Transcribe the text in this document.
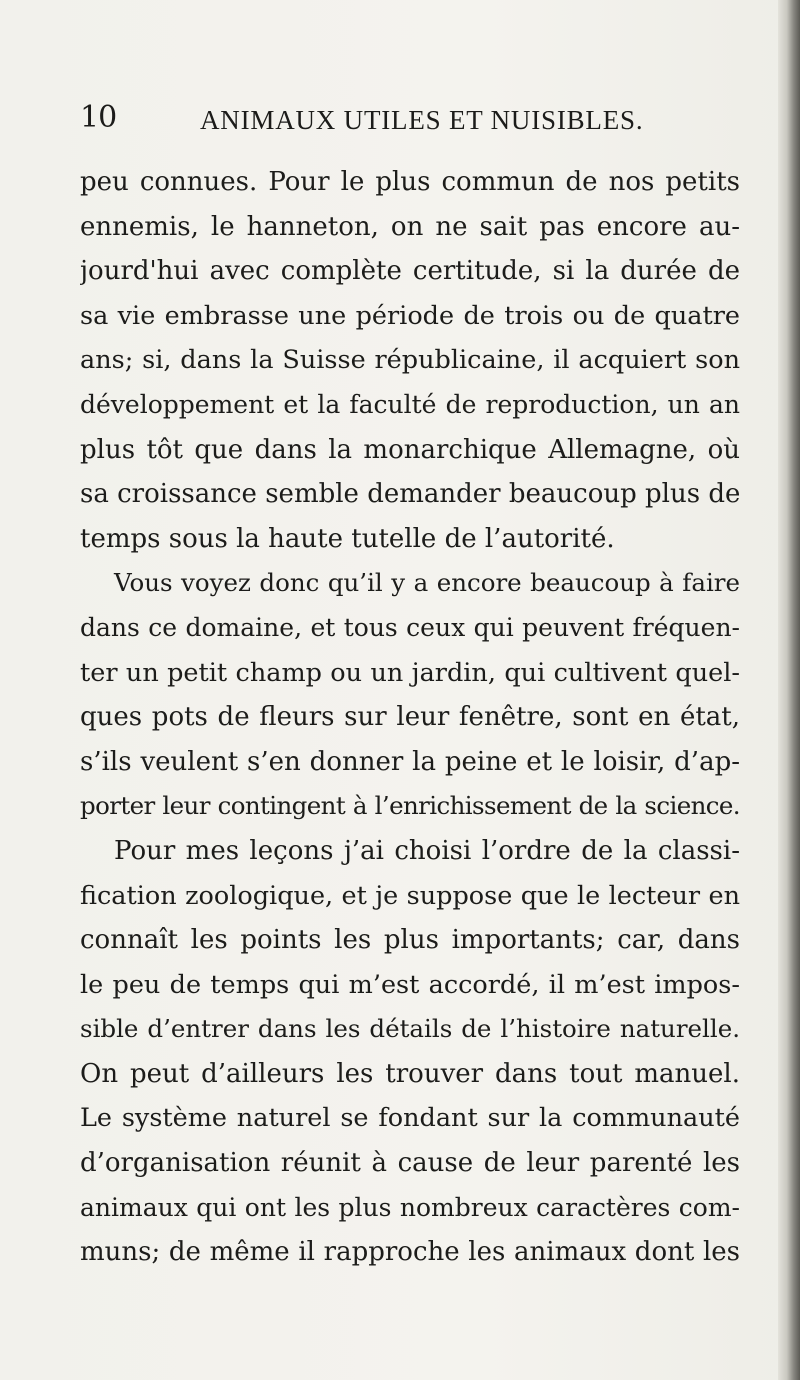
10	ANIMAUX UTILES ET NUISIBLES.
peu connues. Pour le plus commun de nos petits
ennemis, le hanneton, on ne sait pas encore au-
jourd'hui avec complète certitude, si la durée de
sa vie embrasse une période de trois ou de quatre
ans; si, dans la Suisse républicaine, il acquiert son
développement et la faculté de reproduction, un an
plus tôt que dans la monarchique Allemagne, où
sa croissance semble demander beaucoup plus de
temps sous la haute tutelle de l’autorité.
Vous voyez donc qu’il y a encore beaucoup à faire
dans ce domaine, et tous ceux qui peuvent fréquen-
ter un petit champ ou un jardin, qui cultivent quel-
ques pots de fleurs sur leur fenêtre, sont en état,
s’ils veulent s’en donner la peine et le loisir, d’ap-
porter leur contingent à l’enrichissement de la science.
Pour mes leçons j’ai choisi l’ordre de la classi-
fication zoologique, et je suppose que le lecteur en
connaît les points les plus importants; car, dans
le peu de temps qui m’est accordé, il m’est impos-
sible d’entrer dans les détails de l’histoire naturelle.
On peut d’ailleurs les trouver dans tout manuel.
Le système naturel se fondant sur la communauté
d’organisation réunit à cause de leur parenté les
animaux qui ont les plus nombreux caractères com-
muns; de même il rapproche les animaux dont les
